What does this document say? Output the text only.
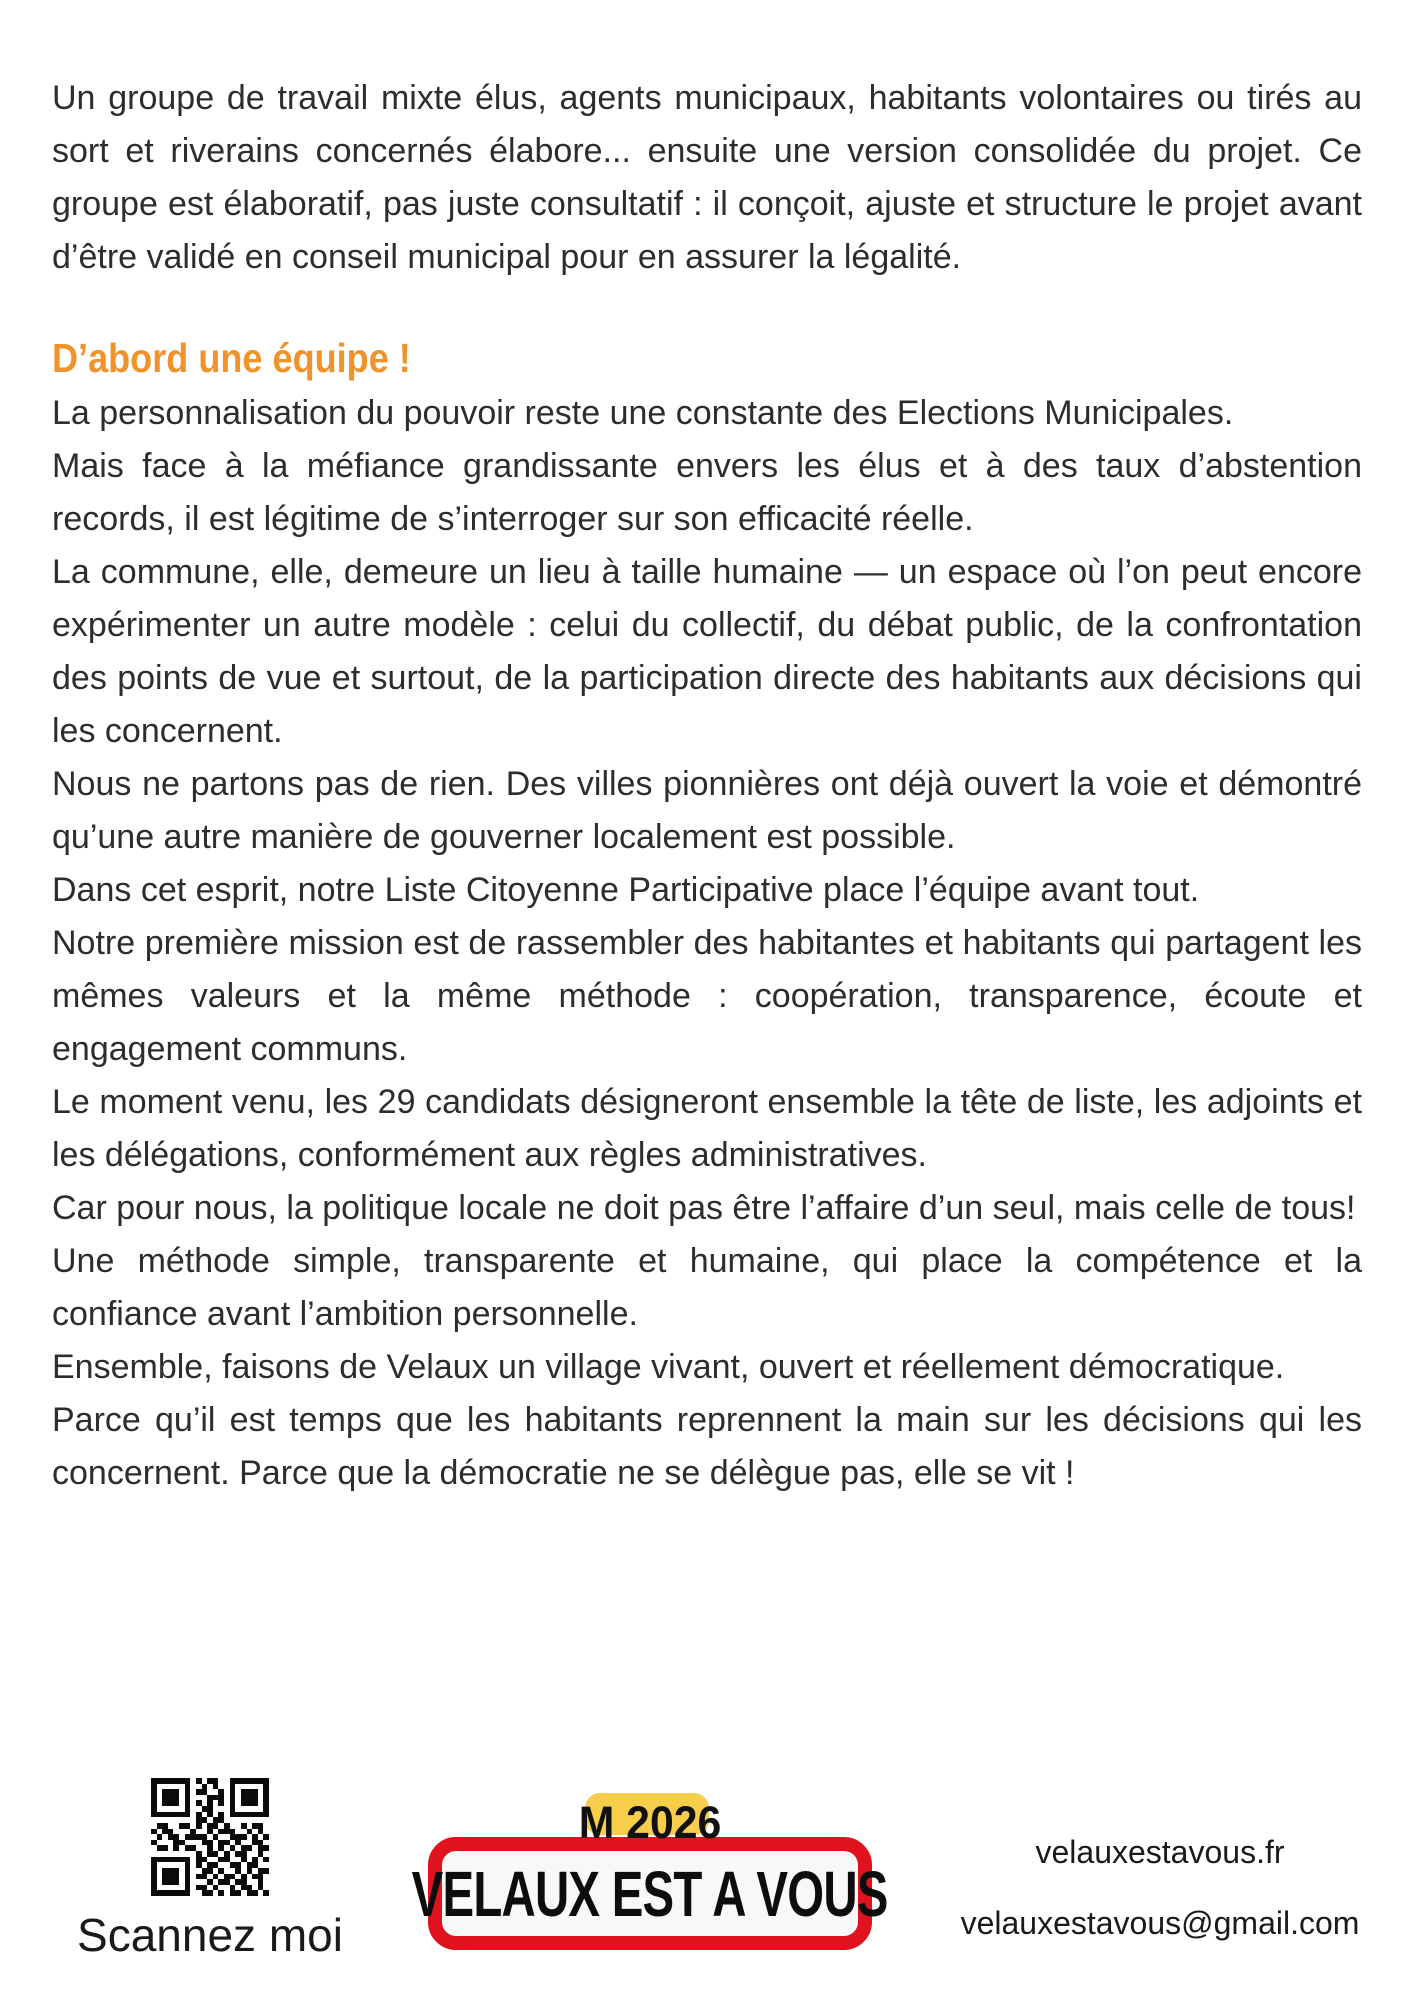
Un groupe de travail mixte élus, agents municipaux, habitants volontaires ou tirés au sort et riverains concernés élabore... ensuite une version consolidée du projet. Ce groupe est élaboratif, pas juste consultatif : il conçoit, ajuste et structure le projet avant d’être validé en conseil municipal pour en assurer la légalité.

D’abord une équipe !

La personnalisation du pouvoir reste une constante des Elections Municipales.

Mais face à la méfiance grandissante envers les élus et à des taux d’abstention records, il est légitime de s’interroger sur son efficacité réelle.

La commune, elle, demeure un lieu à taille humaine — un espace où l’on peut encore expérimenter un autre modèle : celui du collectif, du débat public, de la confrontation des points de vue et surtout, de la participation directe des habitants aux décisions qui les concernent.

Nous ne partons pas de rien. Des villes pionnières ont déjà ouvert la voie et démontré qu’une autre manière de gouverner localement est possible.

Dans cet esprit, notre Liste Citoyenne Participative place l’équipe avant tout.

Notre première mission est de rassembler des habitantes et habitants qui partagent les mêmes valeurs et la même méthode : coopération, transparence, écoute et engagement communs.

Le moment venu, les 29 candidats désigneront ensemble la tête de liste, les adjoints et les délégations, conformément aux règles administratives.

Car pour nous, la politique locale ne doit pas être l’affaire d’un seul, mais celle de tous!

Une méthode simple, transparente et humaine, qui place la compétence et la confiance avant l’ambition personnelle.

Ensemble, faisons de Velaux un village vivant, ouvert et réellement démocratique.

Parce qu’il est temps que les habitants reprennent la main sur les décisions qui les concernent. Parce que la démocratie ne se délègue pas, elle se vit !

Scannez moi
M 2026
VELAUX EST A VOUS
velauxestavous.fr
velauxestavous@gmail.com
